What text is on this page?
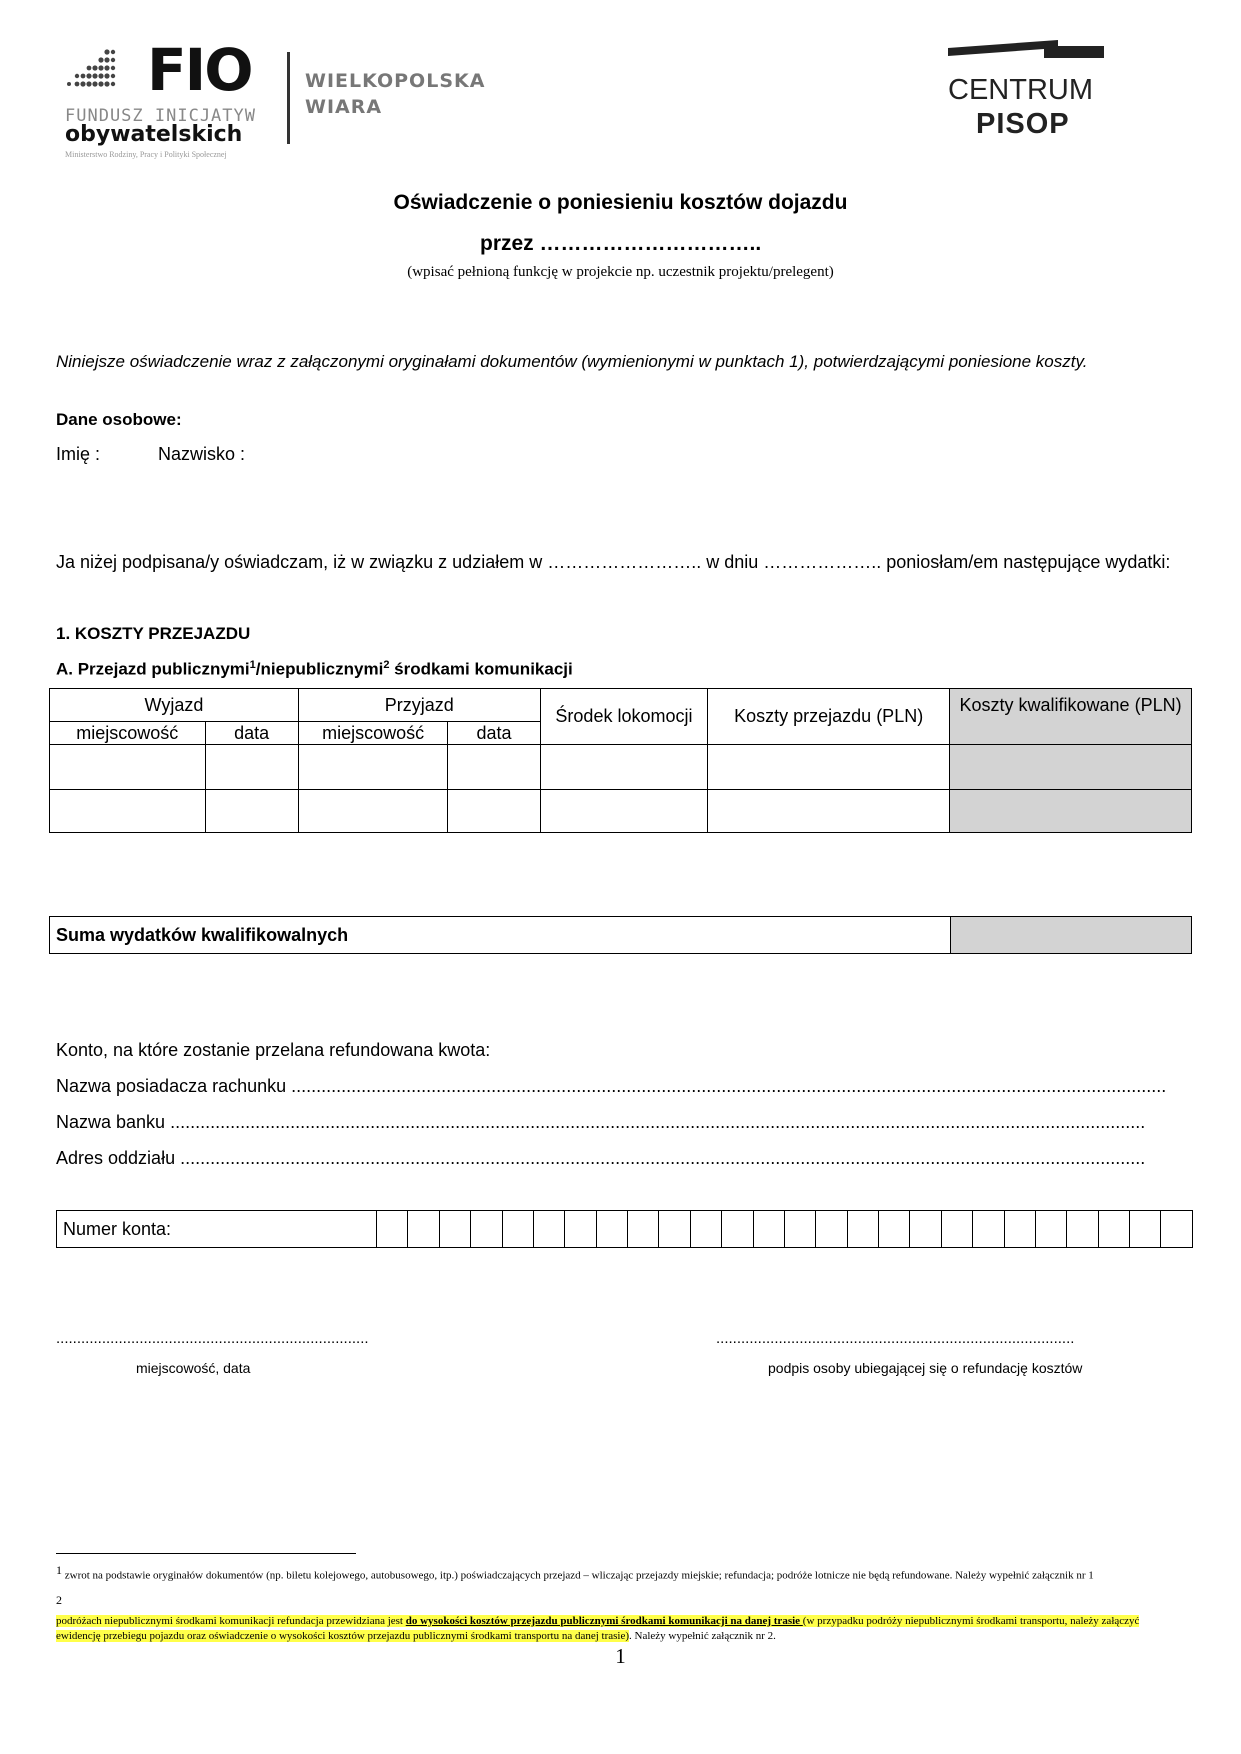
FIO
FUNDUSZ INICJATYW
obywatelskich
Ministerstwo Rodziny, Pracy i Polityki Społecznej
WIELKOPOLSKA
WIARA
CENTRUM
PISOP
Oświadczenie o poniesieniu kosztów dojazdu
przez …………………………..
(wpisać pełnioną funkcję w projekcie np. uczestnik projektu/prelegent)
Niniejsze oświadczenie wraz z załączonymi oryginałami dokumentów (wymienionymi w punktach 1), potwierdzającymi poniesione koszty.
Dane osobowe:
Imię :	Nazwisko :
Ja niżej podpisana/y oświadczam, iż w związku z udziałem w …………………….. w dniu ……………….. poniosłam/em następujące wydatki:
1. KOSZTY PRZEJAZDU
A. Przejazd publicznymi$^1$/niepublicznymi$^2$ środkami komunikacji
Wyjazd		Przyjazd		Środek lokomocji	Koszty przejazdu (PLN)	Koszty kwalifikowane (PLN)
miejscowość	data	miejscowość	data			

Suma wydatków kwalifikowalnych	
Konto, na które zostanie przelana refundowana kwota:
Nazwa posiadacza rachunku ...............................................................................................................................................................................
Nazwa banku ...................................................................................................................................................................................................
Adres oddziału .................................................................................................................................................................................................
Numer konta:																										
...........................................................................
miejscowość, data
......................................................................................
podpis osoby ubiegającej się o refundację kosztów
$^1$ zwrot na podstawie oryginałów dokumentów (np. biletu kolejowego, autobusowego, itp.) poświadczających przejazd – wliczając przejazdy miejskie; refundacja; podróże lotnicze nie będą refundowane. Należy wypełnić załącznik nr 1
$^2$
podróżach niepublicznymi środkami komunikacji refundacja przewidziana jest do wysokości kosztów przejazdu publicznymi środkami komunikacji na danej trasie (w przypadku podróży niepublicznymi środkami transportu, należy załączyć ewidencję przebiegu pojazdu oraz oświadczenie o wysokości kosztów przejazdu publicznymi środkami transportu na danej trasie). Należy wypełnić załącznik nr 2.
1
